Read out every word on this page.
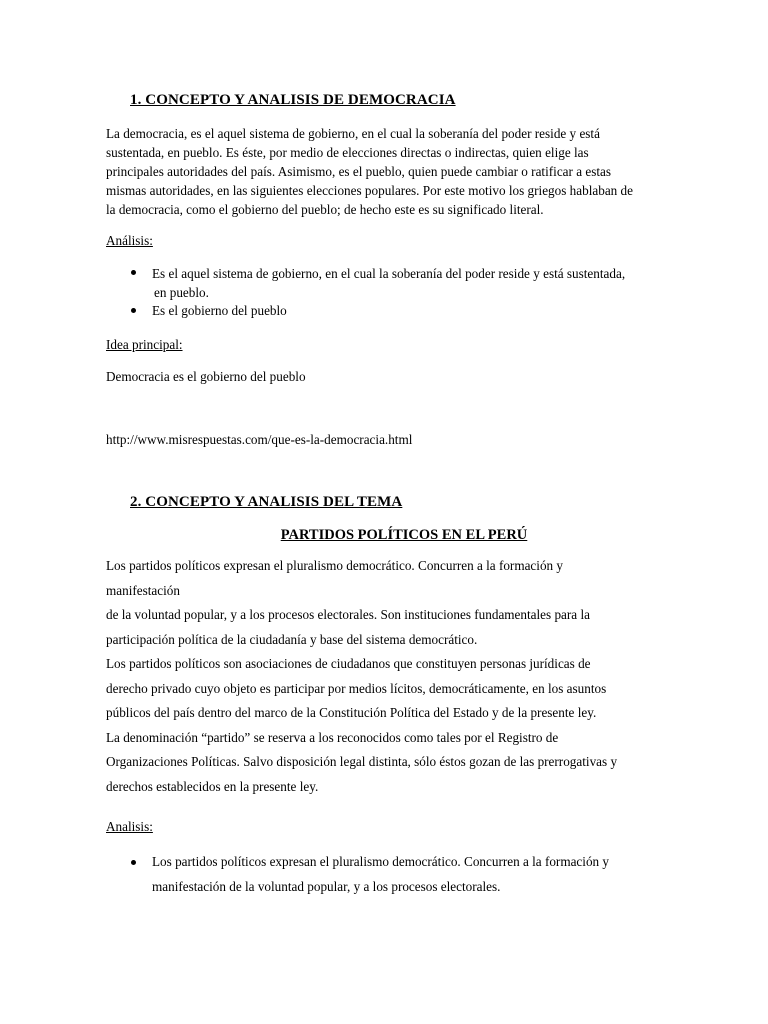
1. CONCEPTO Y ANALISIS DE DEMOCRACIA
La democracia, es el aquel sistema de gobierno, en el cual la soberanía del poder reside y está
sustentada, en pueblo. Es éste, por medio de elecciones directas o indirectas, quien elige las
principales autoridades del país. Asimismo, es el pueblo, quien puede cambiar o ratificar a estas
mismas autoridades, en las siguientes elecciones populares. Por este motivo los griegos hablaban de
la democracia, como el gobierno del pueblo; de hecho este es su significado literal.
Análisis:
Es el aquel sistema de gobierno, en el cual la soberanía del poder reside y está sustentada,
en pueblo.
Es el gobierno del pueblo
Idea principal:
Democracia es el gobierno del pueblo
http://www.misrespuestas.com/que-es-la-democracia.html
2. CONCEPTO Y ANALISIS DEL TEMA
PARTIDOS POLÍTICOS EN EL PERÚ
Los partidos políticos expresan el pluralismo democrático. Concurren a la formación y
manifestación
de la voluntad popular, y a los procesos electorales. Son instituciones fundamentales para la
participación política de la ciudadanía y base del sistema democrático.
Los partidos políticos son asociaciones de ciudadanos que constituyen personas jurídicas de
derecho privado cuyo objeto es participar por medios lícitos, democráticamente, en los asuntos
públicos del país dentro del marco de la Constitución Política del Estado y de la presente ley.
La denominación “partido” se reserva a los reconocidos como tales por el Registro de
Organizaciones Políticas. Salvo disposición legal distinta, sólo éstos gozan de las prerrogativas y
derechos establecidos en la presente ley.
Analisis:
Los partidos políticos expresan el pluralismo democrático. Concurren a la formación y
manifestación de la voluntad popular, y a los procesos electorales.
